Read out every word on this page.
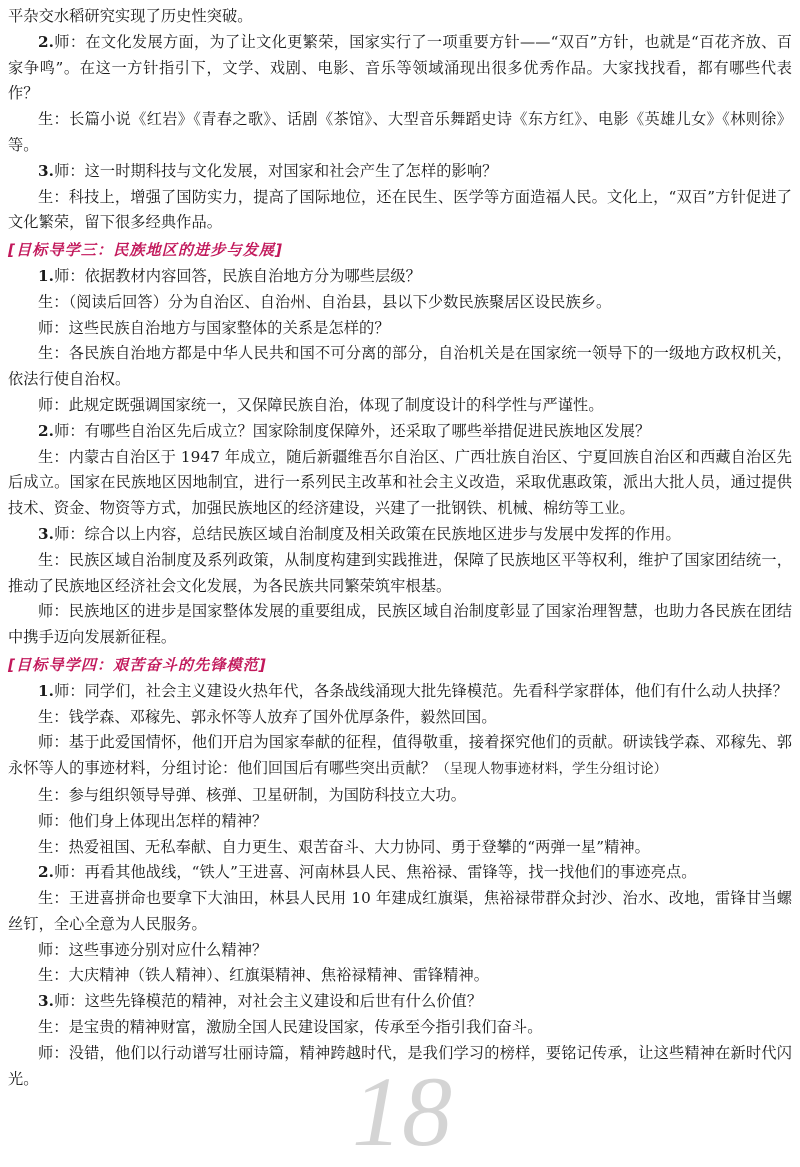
18

平杂交水稻研究实现了历史性突破。

2.师：在文化发展方面，为了让文化更繁荣，国家实行了一项重要方针——“双百”方针，也就是“百花齐放、百家争鸣”。在这一方针指引下，文学、戏剧、电影、音乐等领域涌现出很多优秀作品。大家找找看，都有哪些代表作？

生：长篇小说《红岩》《青春之歌》、话剧《茶馆》、大型音乐舞蹈史诗《东方红》、电影《英雄儿女》《林则徐》等。

3.师：这一时期科技与文化发展，对国家和社会产生了怎样的影响？

生：科技上，增强了国防实力，提高了国际地位，还在民生、医学等方面造福人民。文化上，“双百”方针促进了文化繁荣，留下很多经典作品。

[目标导学三：民族地区的进步与发展]

1.师：依据教材内容回答，民族自治地方分为哪些层级？

生：（阅读后回答）分为自治区、自治州、自治县，县以下少数民族聚居区设民族乡。

师：这些民族自治地方与国家整体的关系是怎样的？

生：各民族自治地方都是中华人民共和国不可分离的部分，自治机关是在国家统一领导下的一级地方政权机关，依法行使自治权。

师：此规定既强调国家统一，又保障民族自治，体现了制度设计的科学性与严谨性。

2.师：有哪些自治区先后成立？国家除制度保障外，还采取了哪些举措促进民族地区发展？

生：内蒙古自治区于 1947 年成立，随后新疆维吾尔自治区、广西壮族自治区、宁夏回族自治区和西藏自治区先后成立。国家在民族地区因地制宜，进行一系列民主改革和社会主义改造，采取优惠政策，派出大批人员，通过提供技术、资金、物资等方式，加强民族地区的经济建设，兴建了一批钢铁、机械、棉纺等工业。

3.师：综合以上内容，总结民族区域自治制度及相关政策在民族地区进步与发展中发挥的作用。

生：民族区域自治制度及系列政策，从制度构建到实践推进，保障了民族地区平等权利，维护了国家团结统一，推动了民族地区经济社会文化发展，为各民族共同繁荣筑牢根基。

师：民族地区的进步是国家整体发展的重要组成，民族区域自治制度彰显了国家治理智慧，也助力各民族在团结中携手迈向发展新征程。

[目标导学四：艰苦奋斗的先锋模范]

1.师：同学们，社会主义建设火热年代，各条战线涌现大批先锋模范。先看科学家群体，他们有什么动人抉择？

生：钱学森、邓稼先、郭永怀等人放弃了国外优厚条件，毅然回国。

师：基于此爱国情怀，他们开启为国家奉献的征程，值得敬重，接着探究他们的贡献。研读钱学森、邓稼先、郭永怀等人的事迹材料，分组讨论：他们回国后有哪些突出贡献？（呈现人物事迹材料，学生分组讨论）

生：参与组织领导导弹、核弹、卫星研制，为国防科技立大功。

师：他们身上体现出怎样的精神？

生：热爱祖国、无私奉献、自力更生、艰苦奋斗、大力协同、勇于登攀的“两弹一星”精神。

2.师：再看其他战线，“铁人”王进喜、河南林县人民、焦裕禄、雷锋等，找一找他们的事迹亮点。

生：王进喜拼命也要拿下大油田，林县人民用 10 年建成红旗渠，焦裕禄带群众封沙、治水、改地，雷锋甘当螺丝钉，全心全意为人民服务。

师：这些事迹分别对应什么精神？

生：大庆精神（铁人精神）、红旗渠精神、焦裕禄精神、雷锋精神。

3.师：这些先锋模范的精神，对社会主义建设和后世有什么价值？

生：是宝贵的精神财富，激励全国人民建设国家，传承至今指引我们奋斗。

师：没错，他们以行动谱写壮丽诗篇，精神跨越时代，是我们学习的榜样，要铭记传承，让这些精神在新时代闪光。
